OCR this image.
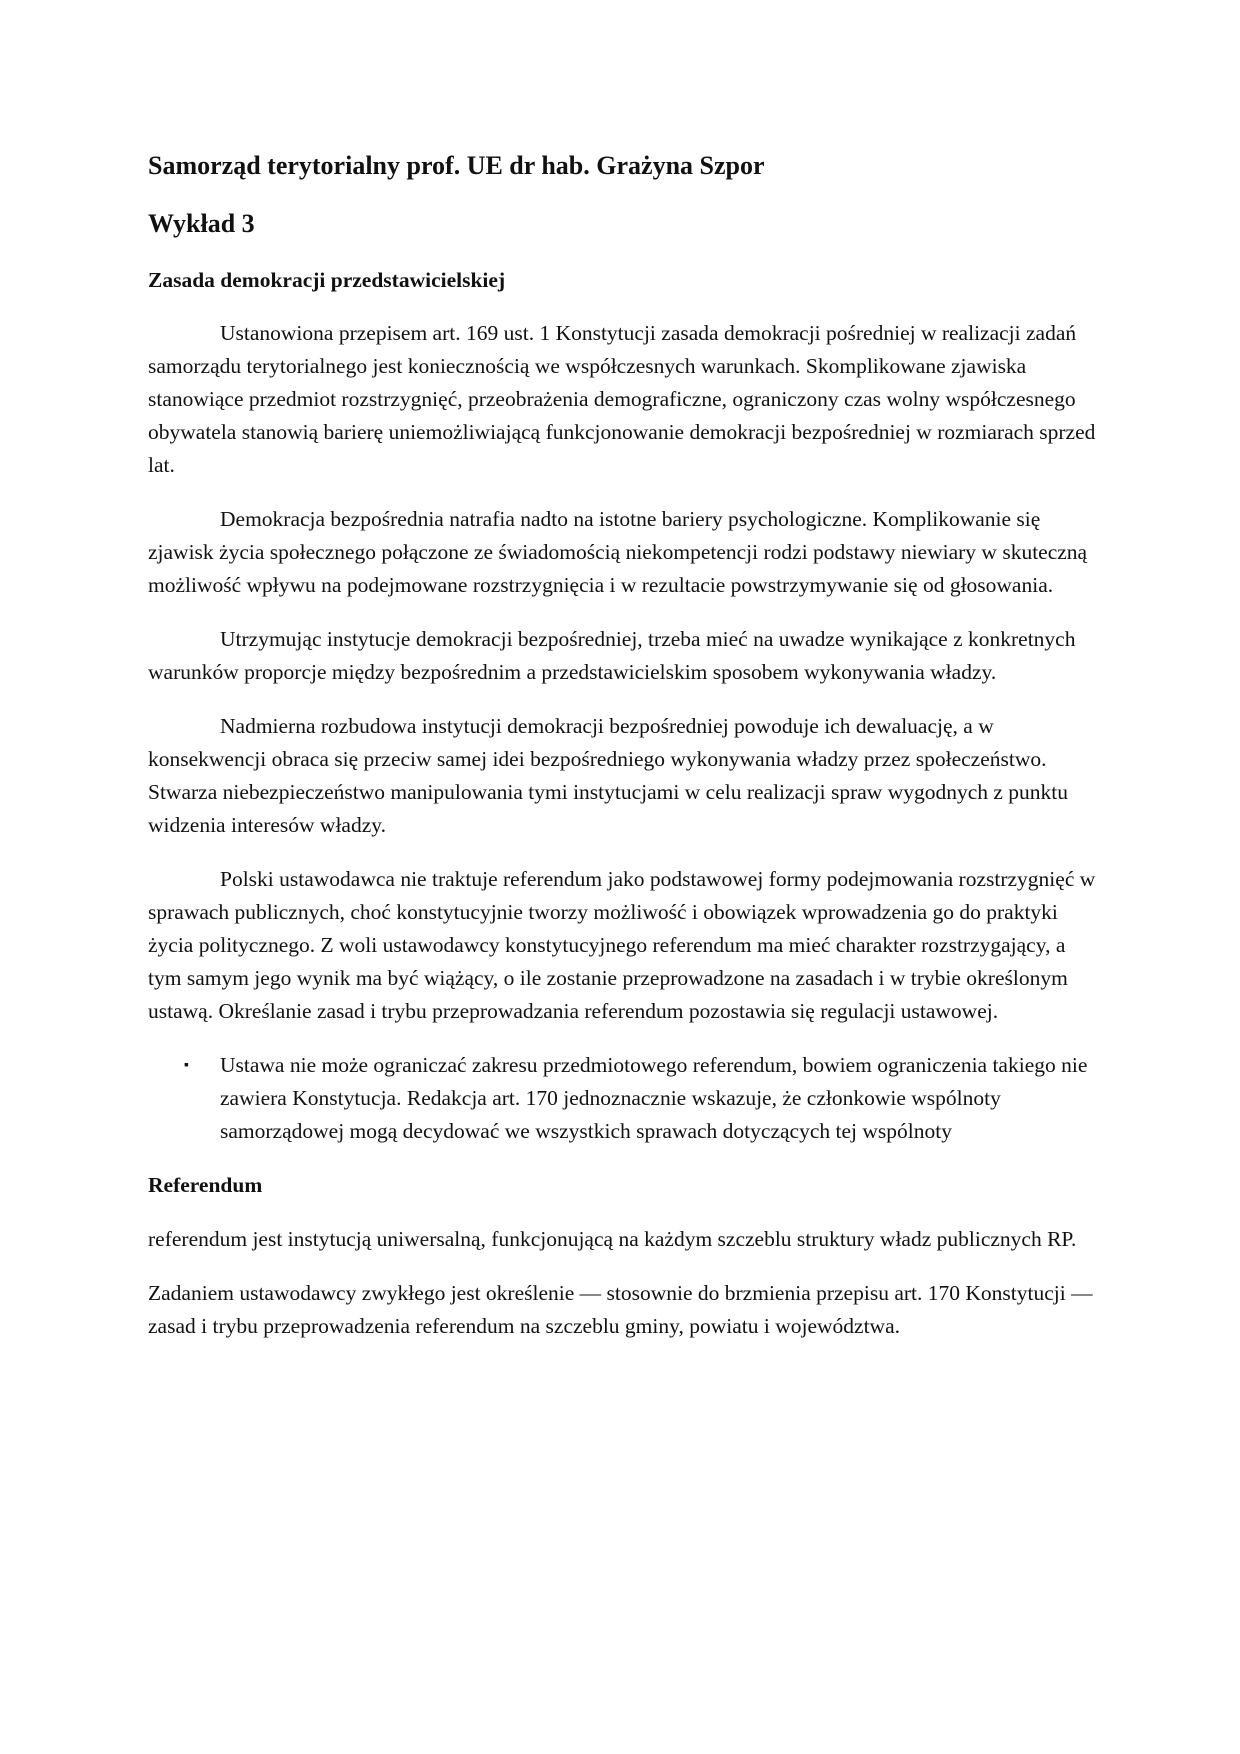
Samorząd terytorialny prof. UE dr hab. Grażyna Szpor
Wykład 3
Zasada demokracji przedstawicielskiej

Ustanowiona przepisem art. 169 ust. 1 Konstytucji zasada demokracji pośredniej w realizacji zadań samorządu terytorialnego jest koniecznością we współczesnych warunkach. Skomplikowane zjawiska stanowiące przedmiot rozstrzygnięć, przeobrażenia demograficzne, ograniczony czas wolny współczesnego obywatela stanowią barierę uniemożliwiającą funkcjonowanie demokracji bezpośredniej w rozmiarach sprzed lat.

Demokracja bezpośrednia natrafia nadto na istotne bariery psychologiczne. Komplikowanie się zjawisk życia społecznego połączone ze świadomością niekompetencji rodzi podstawy niewiary w skuteczną możliwość wpływu na podejmowane rozstrzygnięcia i w rezultacie powstrzymywanie się od głosowania.

Utrzymując instytucje demokracji bezpośredniej, trzeba mieć na uwadze wynikające z konkretnych warunków proporcje między bezpośrednim a przedstawicielskim sposobem wykonywania władzy.

Nadmierna rozbudowa instytucji demokracji bezpośredniej powoduje ich dewaluację, a w konsekwencji obraca się przeciw samej idei bezpośredniego wykonywania władzy przez społeczeństwo. Stwarza niebezpieczeństwo manipulowania tymi instytucjami w celu realizacji spraw wygodnych z punktu widzenia interesów władzy.

Polski ustawodawca nie traktuje referendum jako podstawowej formy podejmowania rozstrzygnięć w sprawach publicznych, choć konstytucyjnie tworzy możliwość i obowiązek wprowadzenia go do praktyki życia politycznego. Z woli ustawodawcy konstytucyjnego referendum ma mieć charakter rozstrzygający, a tym samym jego wynik ma być wiążący, o ile zostanie przeprowadzone na zasadach i w trybie określonym ustawą. Określanie zasad i trybu przeprowadzania referendum pozostawia się regulacji ustawowej.

▪ Ustawa nie może ograniczać zakresu przedmiotowego referendum, bowiem ograniczenia takiego nie zawiera Konstytucja. Redakcja art. 170 jednoznacznie wskazuje, że członkowie wspólnoty samorządowej mogą decydować we wszystkich sprawach dotyczących tej wspólnoty
Referendum

referendum jest instytucją uniwersalną, funkcjonującą na każdym szczeblu struktury władz publicznych RP.

Zadaniem ustawodawcy zwykłego jest określenie — stosownie do brzmienia przepisu art. 170 Konstytucji — zasad i trybu przeprowadzenia referendum na szczeblu gminy, powiatu i województwa.
